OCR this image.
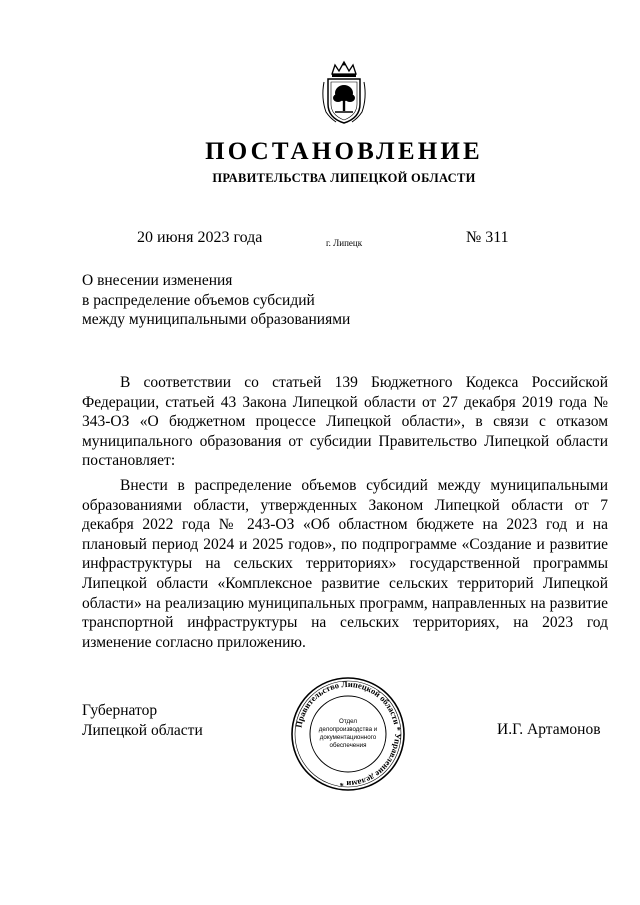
ПОСТАНОВЛЕНИЕ
ПРАВИТЕЛЬСТВА ЛИПЕЦКОЙ ОБЛАСТИ
20 июня 2023 года	г. Липецк	№ 311
О внесении изменения
в распределение объемов субсидий
между муниципальными образованиями

В соответствии со статьей 139 Бюджетного Кодекса Российской Федерации, статьей 43 Закона Липецкой области от 27 декабря 2019 года № 343-ОЗ «О бюджетном процессе Липецкой области», в связи с отказом муниципального образования от субсидии Правительство Липецкой области постановляет:

Внести в распределение объемов субсидий между муниципальными образованиями области, утвержденных Законом Липецкой области от 7 декабря 2022 года № 243-ОЗ «Об областном бюджете на 2023 год и на плановый период 2024 и 2025 годов», по подпрограмме «Создание и развитие инфраструктуры на сельских территориях» государственной программы Липецкой области «Комплексное развитие сельских территорий Липецкой области» на реализацию муниципальных программ, направленных на развитие транспортной инфраструктуры на сельских территориях, на 2023 год изменение согласно приложению.

Губернатор
Липецкой области	Правительство Липецкой области * Управление делами *
Отдел
делопроизводства и
документационного
обеспечения
И.Г. Артамонов
